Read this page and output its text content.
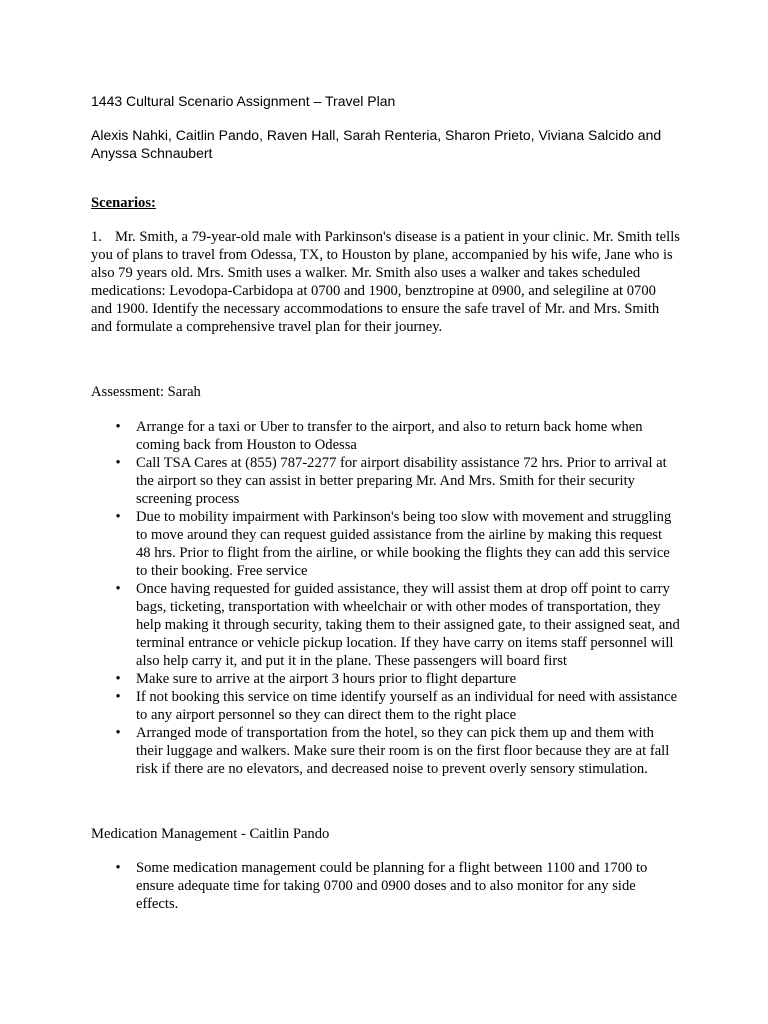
1443 Cultural Scenario Assignment – Travel Plan
Alexis Nahki, Caitlin Pando, Raven Hall, Sarah Renteria, Sharon Prieto, Viviana Salcido and Anyssa Schnaubert
Scenarios:
1. Mr. Smith, a 79-year-old male with Parkinson's disease is a patient in your clinic. Mr. Smith tells you of plans to travel from Odessa, TX, to Houston by plane, accompanied by his wife, Jane who is also 79 years old. Mrs. Smith uses a walker. Mr. Smith also uses a walker and takes scheduled medications: Levodopa-Carbidopa at 0700 and 1900, benztropine at 0900, and selegiline at 0700 and 1900. Identify the necessary accommodations to ensure the safe travel of Mr. and Mrs. Smith and formulate a comprehensive travel plan for their journey.
Assessment: Sarah
• Arrange for a taxi or Uber to transfer to the airport, and also to return back home when coming back from Houston to Odessa
• Call TSA Cares at (855) 787-2277 for airport disability assistance 72 hrs. Prior to arrival at the airport so they can assist in better preparing Mr. And Mrs. Smith for their security screening process
• Due to mobility impairment with Parkinson's being too slow with movement and struggling to move around they can request guided assistance from the airline by making this request 48 hrs. Prior to flight from the airline, or while booking the flights they can add this service to their booking. Free service
• Once having requested for guided assistance, they will assist them at drop off point to carry bags, ticketing, transportation with wheelchair or with other modes of transportation, they help making it through security, taking them to their assigned gate, to their assigned seat, and terminal entrance or vehicle pickup location. If they have carry on items staff personnel will also help carry it, and put it in the plane. These passengers will board first
• Make sure to arrive at the airport 3 hours prior to flight departure
• If not booking this service on time identify yourself as an individual for need with assistance to any airport personnel so they can direct them to the right place
• Arranged mode of transportation from the hotel, so they can pick them up and them with their luggage and walkers. Make sure their room is on the first floor because they are at fall risk if there are no elevators, and decreased noise to prevent overly sensory stimulation.
Medication Management - Caitlin Pando
• Some medication management could be planning for a flight between 1100 and 1700 to ensure adequate time for taking 0700 and 0900 doses and to also monitor for any side effects.
